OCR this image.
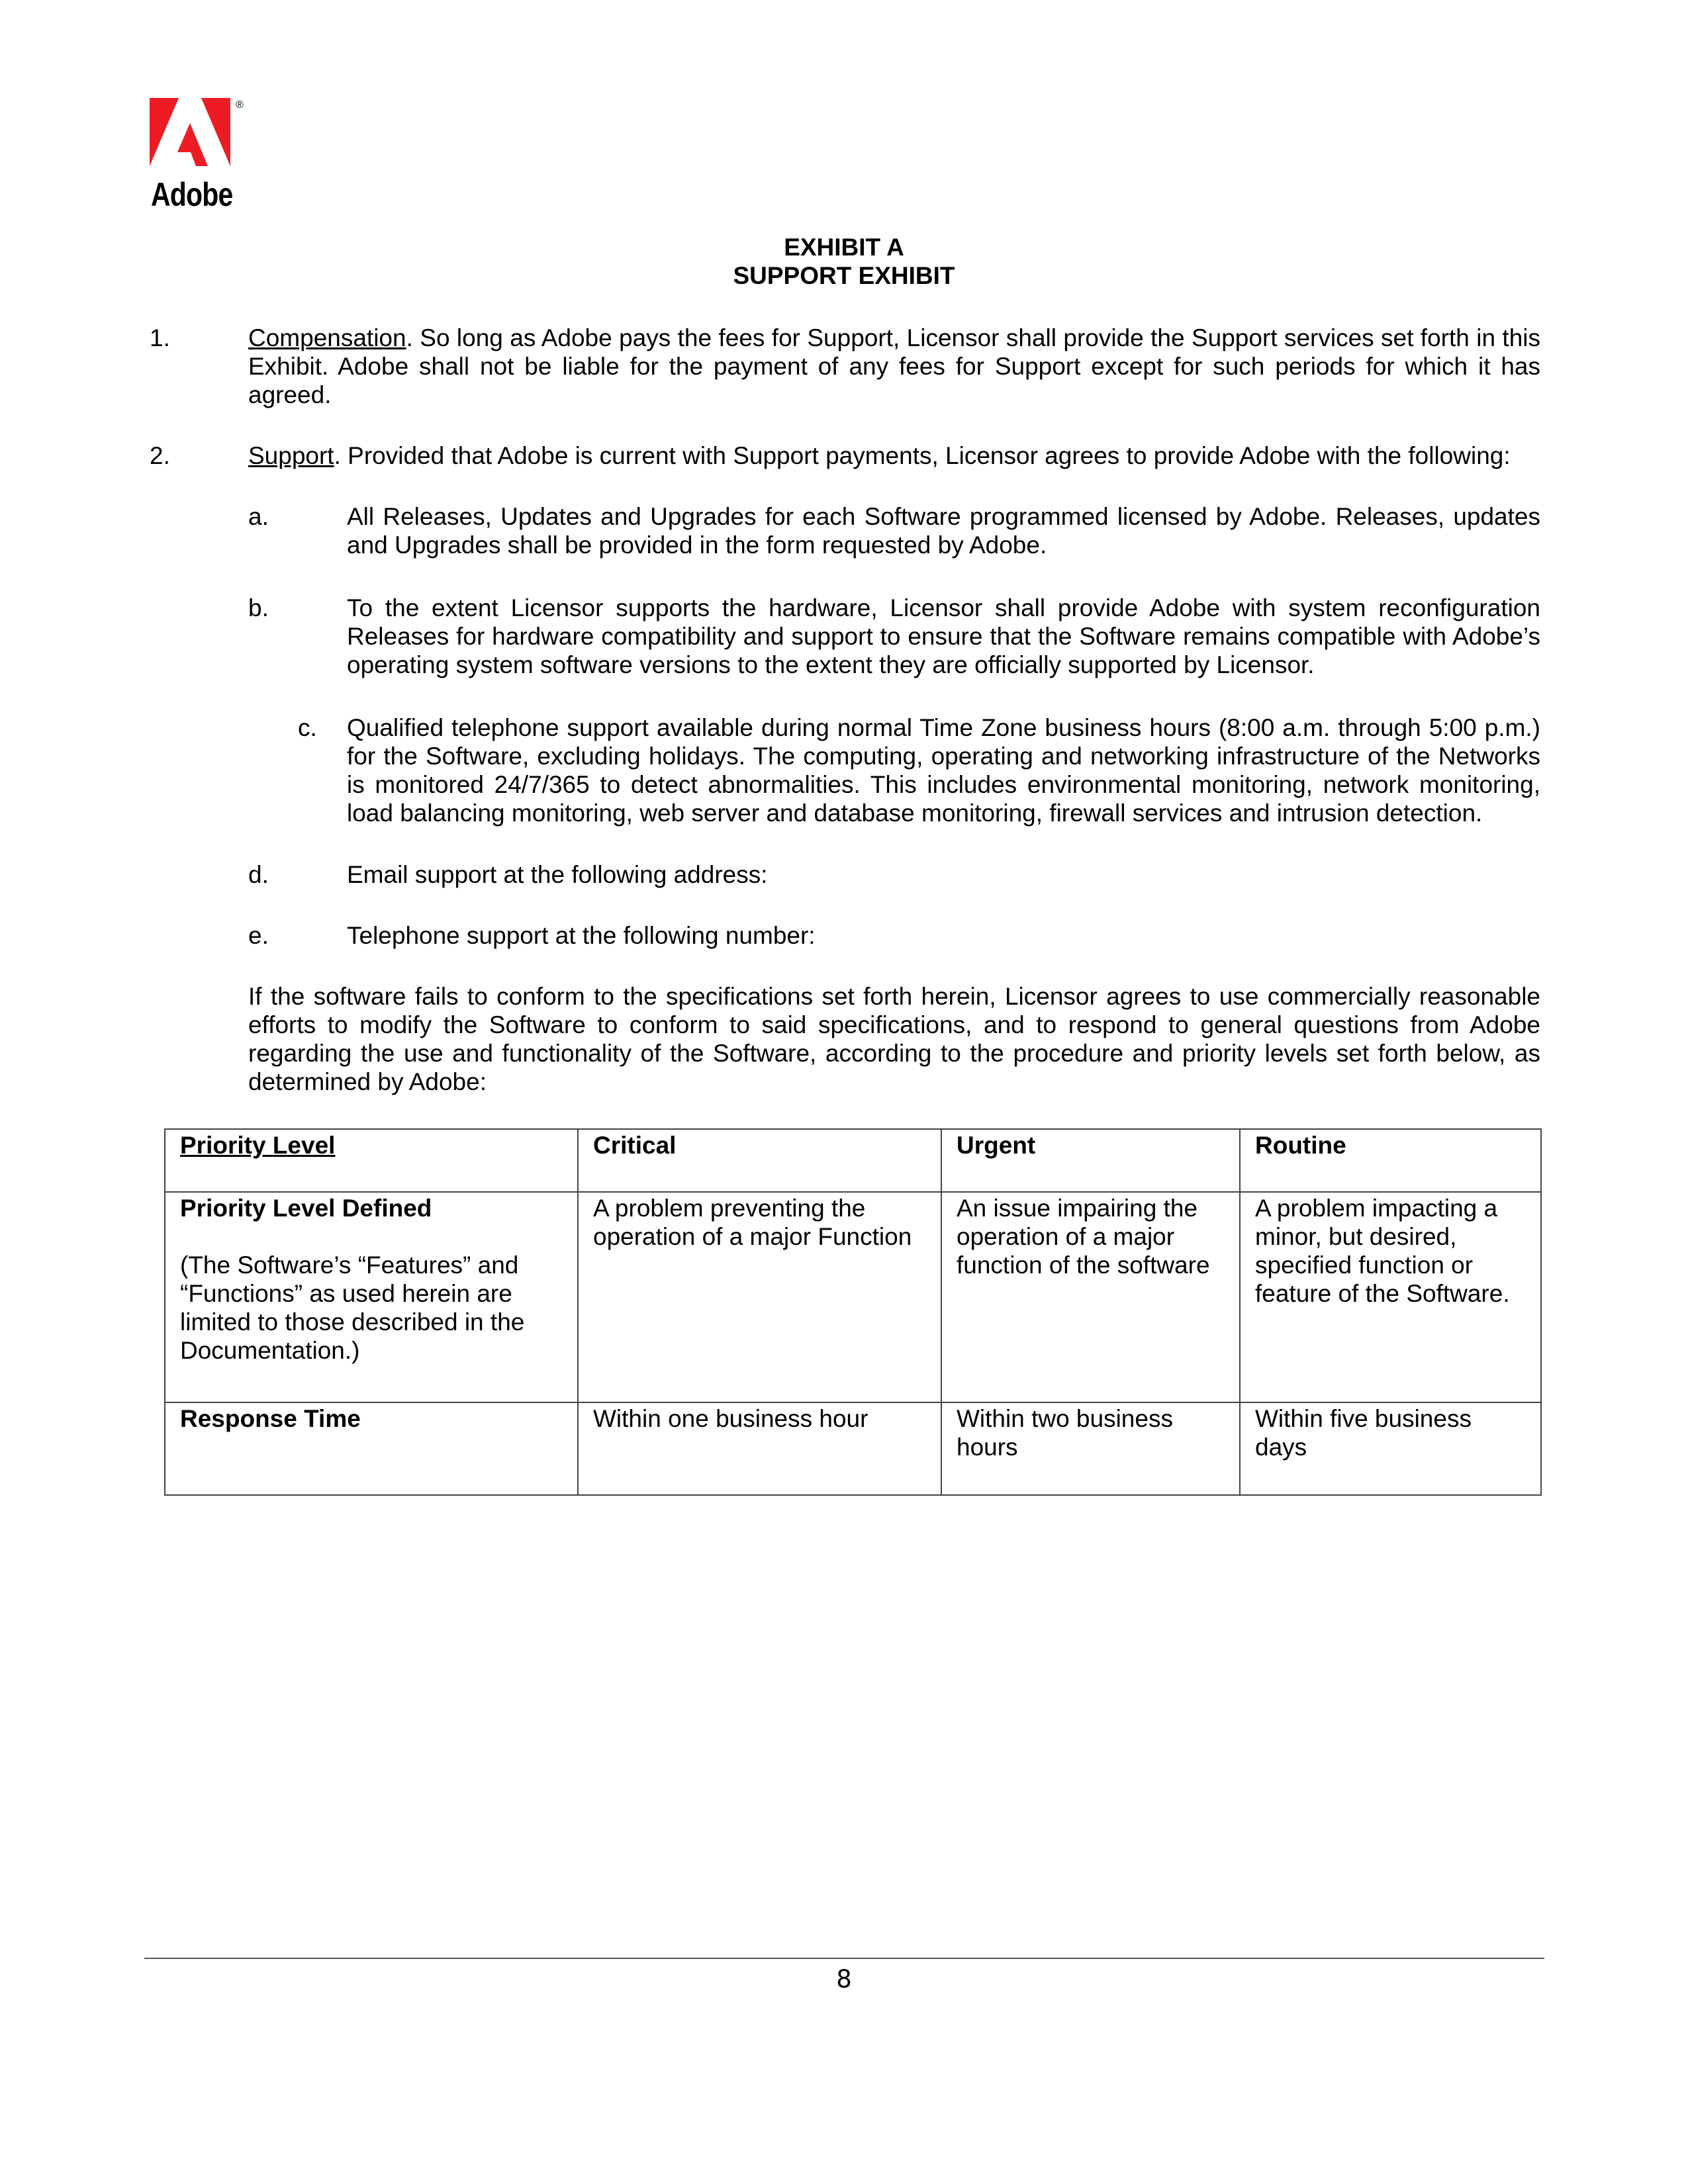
Adobe
®
EXHIBIT A
SUPPORT EXHIBIT
1.	Compensation. So long as Adobe pays the fees for Support, Licensor shall provide the Support services set forth in this Exhibit. Adobe shall not be liable for the payment of any fees for Support except for such periods for which it has agreed.
2.	Support. Provided that Adobe is current with Support payments, Licensor agrees to provide Adobe with the following:
a.	All Releases, Updates and Upgrades for each Software programmed licensed by Adobe. Releases, updates and Upgrades shall be provided in the form requested by Adobe.
b.	To the extent Licensor supports the hardware, Licensor shall provide Adobe with system reconfiguration Releases for hardware compatibility and support to ensure that the Software remains compatible with Adobe’s operating system software versions to the extent they are officially supported by Licensor.
c. Qualified telephone support available during normal Time Zone business hours (8:00 a.m. through 5:00 p.m.) for the Software, excluding holidays. The computing, operating and networking infrastructure of the Networks is monitored 24/7/365 to detect abnormalities. This includes environmental monitoring, network monitoring, load balancing monitoring, web server and database monitoring, firewall services and intrusion detection.
d.	Email support at the following address:
e.	Telephone support at the following number:
If the software fails to conform to the specifications set forth herein, Licensor agrees to use commercially reasonable efforts to modify the Software to conform to said specifications, and to respond to general questions from Adobe regarding the use and functionality of the Software, according to the procedure and priority levels set forth below, as determined by Adobe:
Priority Level	Critical	Urgent	Routine

Priority Level Defined
(The Software’s “Features” and “Functions” as used herein are limited to those described in the Documentation.)	A problem preventing the operation of a major Function	An issue impairing the operation of a major function of the software	A problem impacting a minor, but desired, specified function or feature of the Software.
Response Time	Within one business hour	Within two business hours	Within five business days
8
